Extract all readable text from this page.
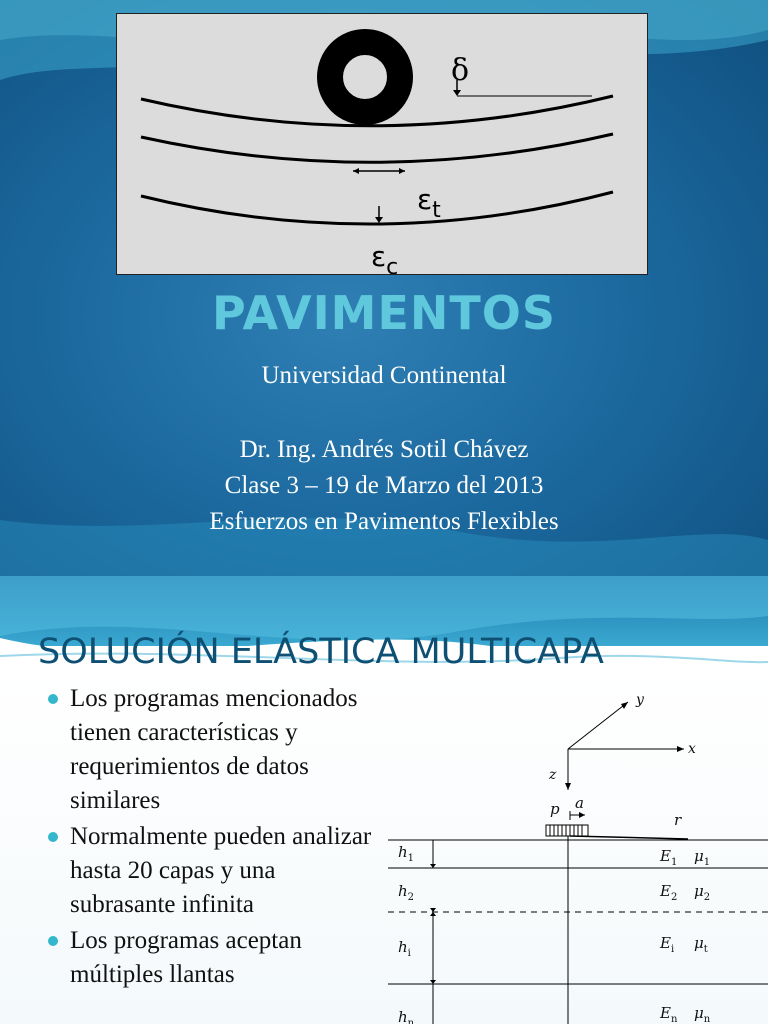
δ
$\varepsilon_t$
$\varepsilon_c$
PAVIMENTOS
Universidad Continental
Dr. Ing. Andrés Sotil Chávez
Clase 3 – 19 de Marzo del 2013
Esfuerzos en Pavimentos Flexibles
SOLUCIÓN ELÁSTICA MULTICAPA
Los programas mencionados tienen características y requerimientos de datos similares
Normalmente pueden analizar hasta 20 capas y una subrasante infinita
Los programas aceptan múltiples llantas
y
x
z
p a
r
$h_1$
$h_2$
$h_i$
$h_n$
$E_1$ $\mu_1$
$E_2$ $\mu_2$
$E_i$ $\mu_t$
$E_n$ $\mu_n$
